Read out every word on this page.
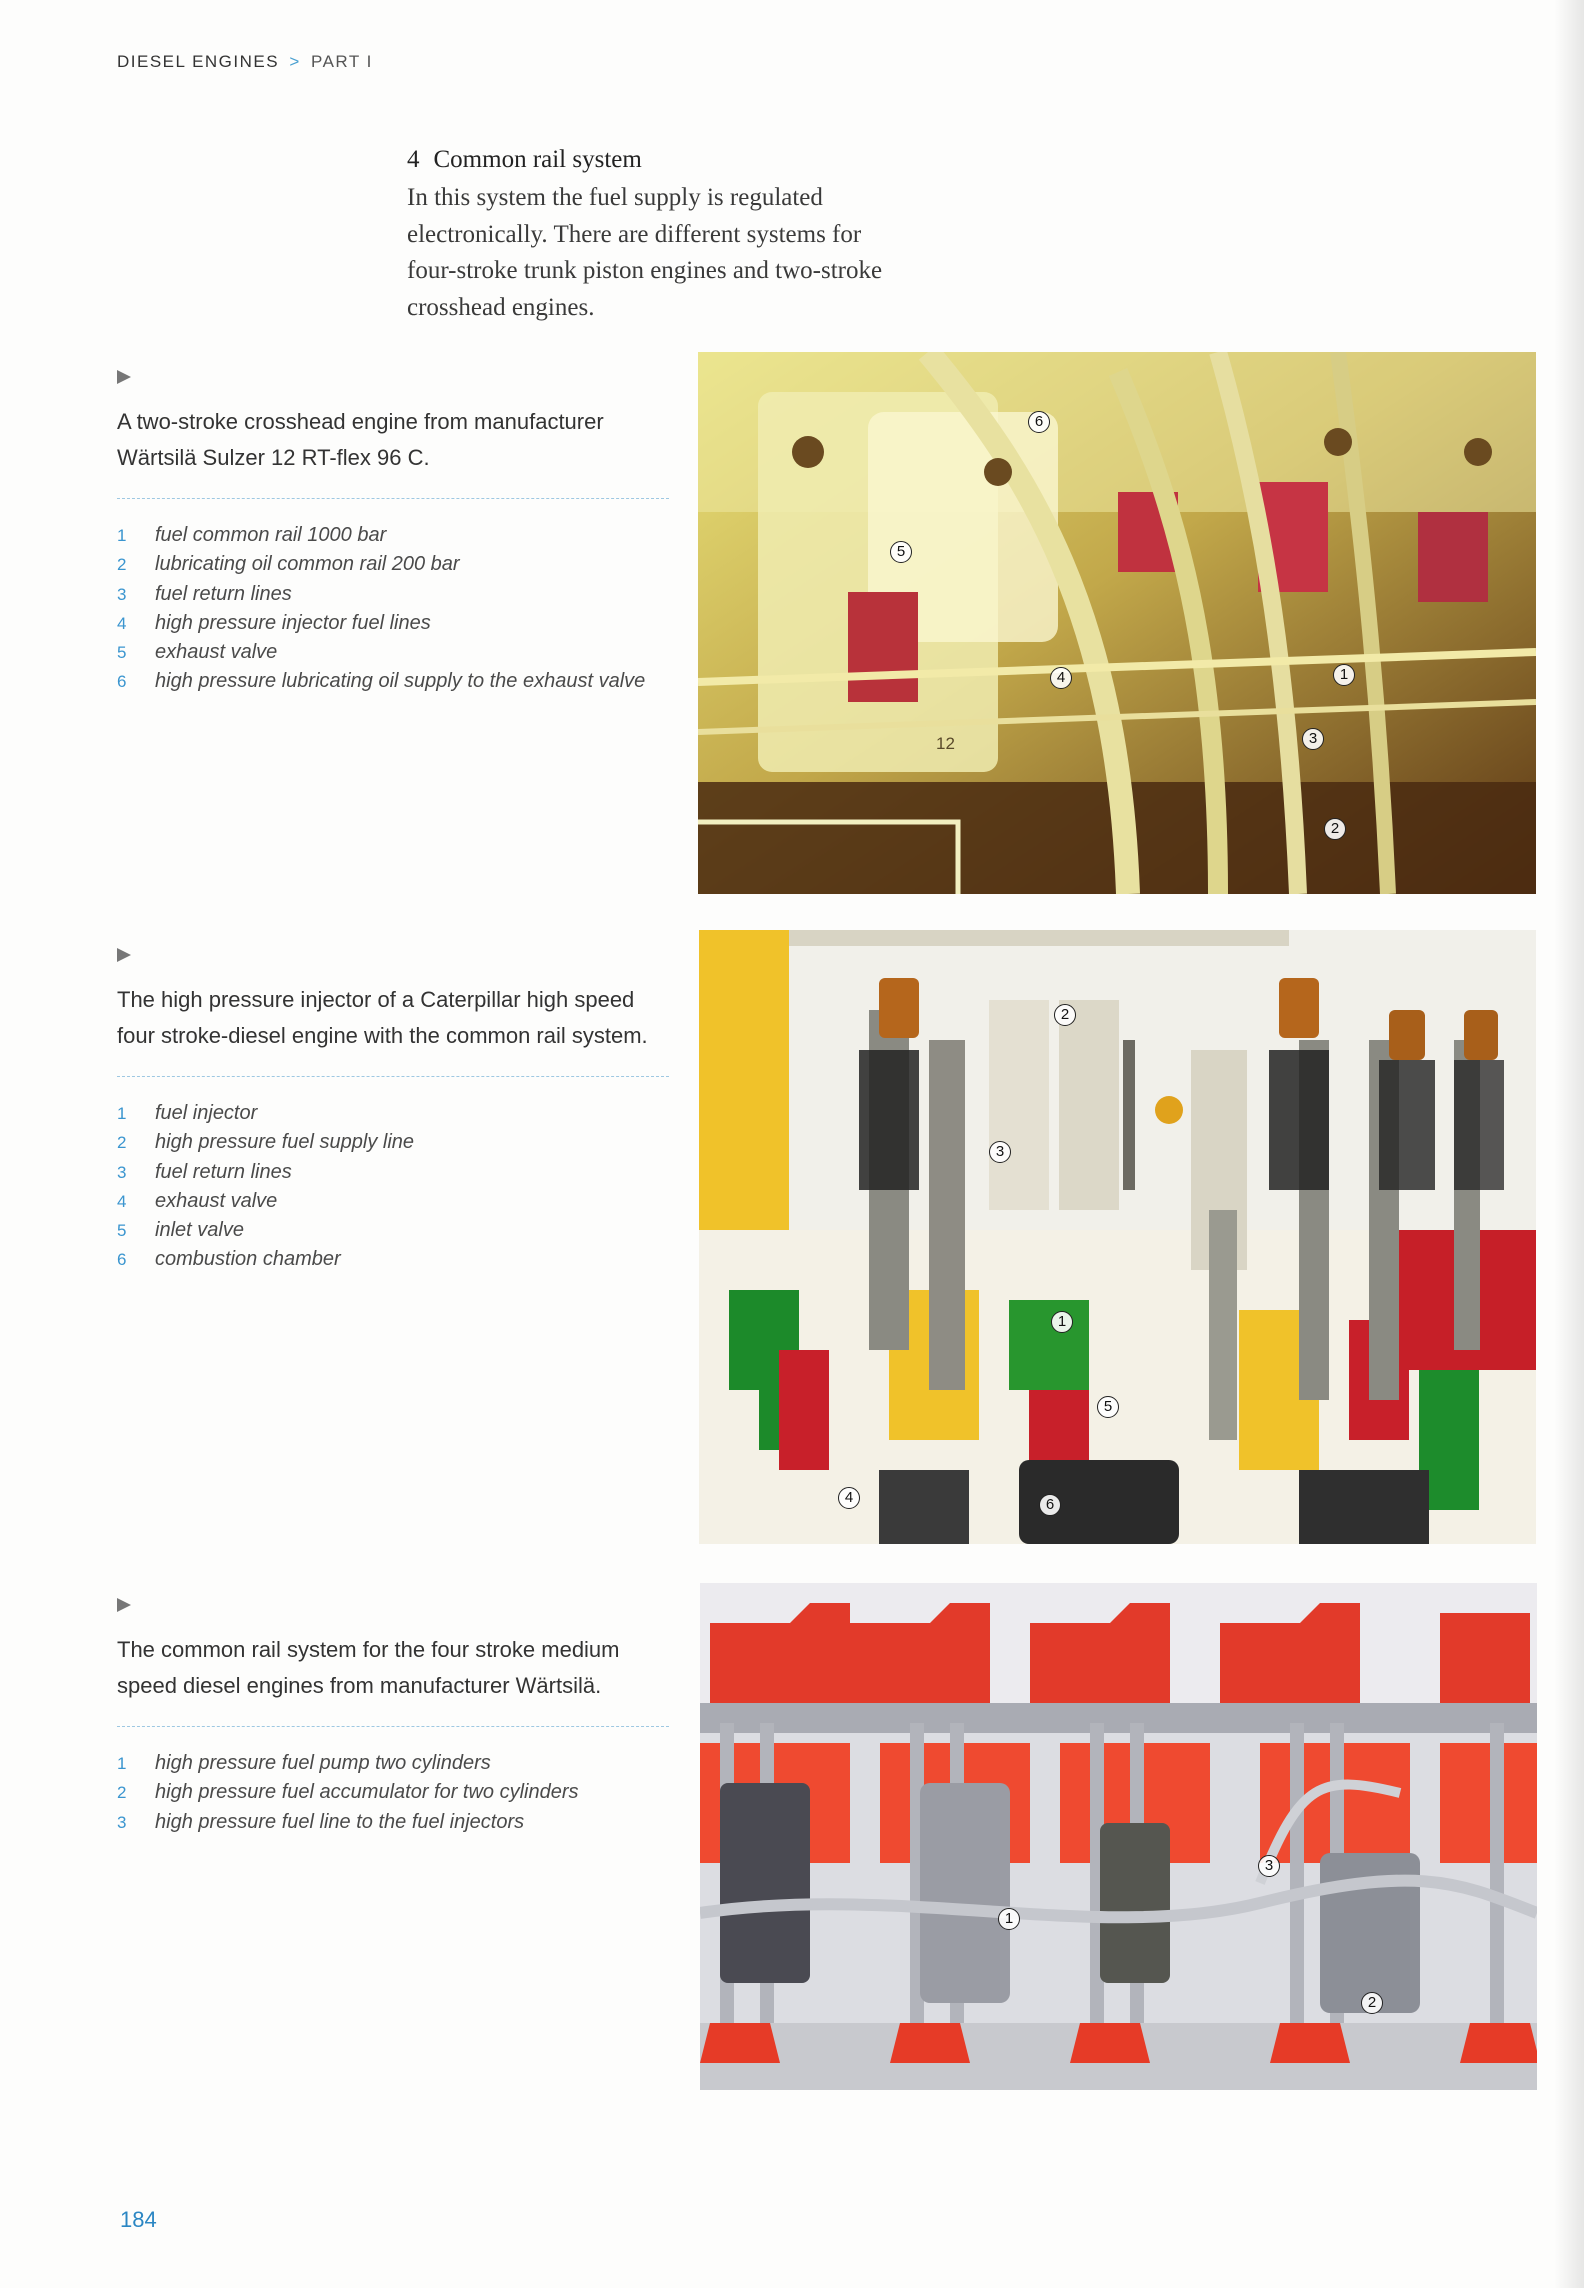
DIESEL ENGINES > PART I
4 Common rail system

In this system the fuel supply is regulated
electronically. There are different systems for
four-stroke trunk piston engines and two-stroke
crosshead engines.

A two-stroke crosshead engine from manufacturer
Wärtsilä Sulzer 12 RT-flex 96 C.

1 fuel common rail 1000 bar
2 lubricating oil common rail 200 bar
3 fuel return lines
4 high pressure injector fuel lines
5 exhaust valve
6 high pressure lubricating oil supply to the exhaust valve
6
5
4	1
3
2
12

The high pressure injector of a Caterpillar high speed
four stroke-diesel engine with the common rail system.

1 fuel injector
2 high pressure fuel supply line
3 fuel return lines
4 exhaust valve
5 inlet valve
6 combustion chamber
2
3
1
5
4	6

The common rail system for the four stroke medium
speed diesel engines from manufacturer Wärtsilä.

1 high pressure fuel pump two cylinders
2 high pressure fuel accumulator for two cylinders
3 high pressure fuel line to the fuel injectors
3
1
2
184
